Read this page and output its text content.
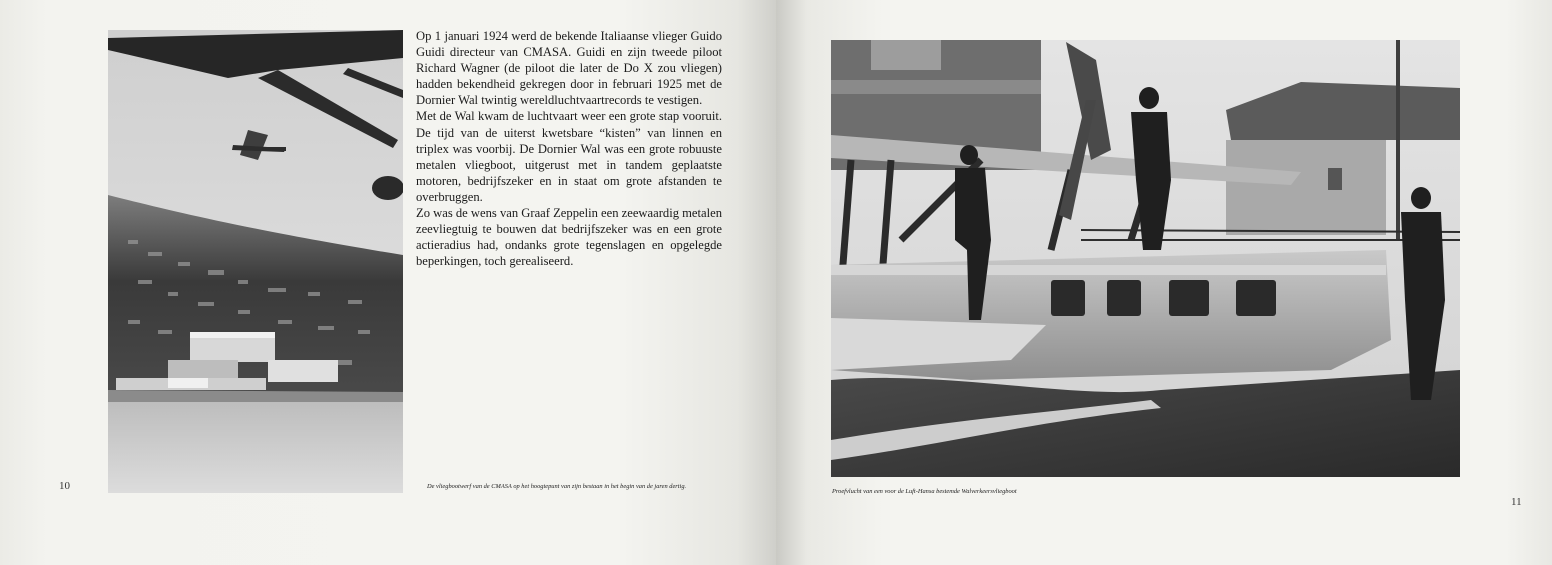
Op 1 januari 1924 werd de bekende Italiaanse vlieger Guido Guidi directeur van CMASA. Guidi en zijn tweede piloot Richard Wagner (de piloot die later de Do X zou vliegen) hadden bekendheid gekregen door in februari 1925 met de Dornier Wal twintig wereldluchtvaartrecords te vestigen.

Met de Wal kwam de luchtvaart weer een grote stap vooruit. De tijd van de uiterst kwetsbare “kisten” van linnen en triplex was voorbij. De Dornier Wal was een grote robuuste metalen vliegboot, uitgerust met in tandem geplaatste motoren, bedrijfszeker en in staat om grote afstanden te overbruggen.

Zo was de wens van Graaf Zeppelin een zeewaardig metalen zeevliegtuig te bouwen dat bedrijfszeker was en een grote actieradius had, ondanks grote tegenslagen en opgelegde beperkingen, toch gerealiseerd.

De vliegbootwerf van de CMASA op het hoogtepunt van zijn bestaan in het begin van de jaren dertig.
10	Proefvlucht van een voor de Luft-Hansa bestemde Walverkeersvliegboot
11
